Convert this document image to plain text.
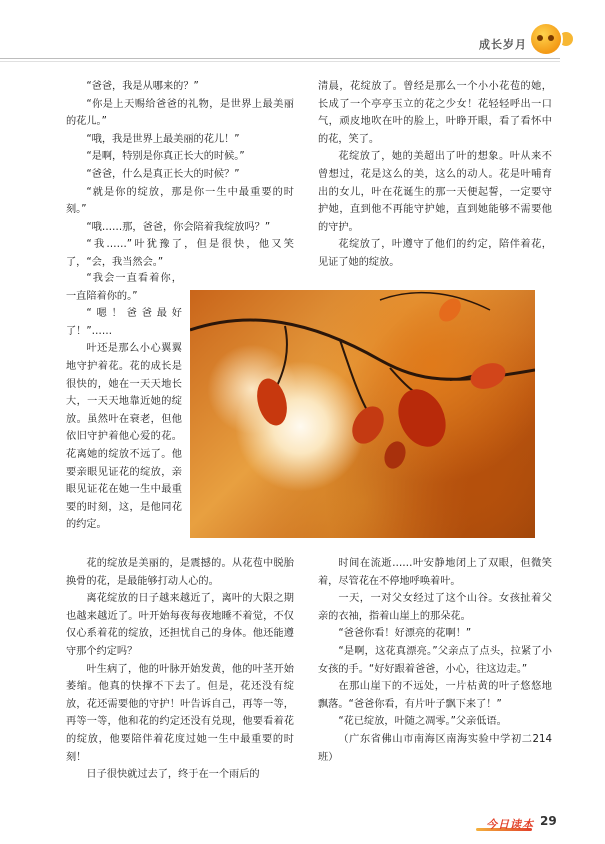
成长岁月

“爸爸，我是从哪来的？”

“你是上天赐给爸爸的礼物，是世界上最美丽的花儿。”

“哦，我是世界上最美丽的花儿！”

“是啊，特别是你真正长大的时候。”

“爸爸，什么是真正长大的时候？”

“就是你的绽放，那是你一生中最重要的时刻。”

“哦……那，爸爸，你会陪着我绽放吗？”

“我……”叶犹豫了，但是很快，他又笑了，“会，我当然会。”

“我会一直看着你，一直陪着你的。”

“嗯！爸爸最好了！”……

叶还是那么小心翼翼地守护着花。花的成长是很快的，她在一天天地长大，一天天地靠近她的绽放。虽然叶在衰老，但他依旧守护着他心爱的花。花离她的绽放不远了。他要亲眼见证花的绽放，亲眼见证花在她一生中最重要的时刻，这，是他同花的约定。

花的绽放是美丽的，是震撼的。从花苞中脱胎换骨的花，是最能够打动人心的。

离花绽放的日子越来越近了，离叶的大限之期也越来越近了。叶开始每夜每夜地睡不着觉，不仅仅心系着花的绽放，还担忧自己的身体。他还能遵守那个约定吗？

叶生病了，他的叶脉开始发黄，他的叶茎开始萎缩。他真的快撑不下去了。但是，花还没有绽放，花还需要他的守护！叶告诉自己，再等一等，再等一等，他和花的约定还没有兑现，他要看着花的绽放，他要陪伴着花度过她一生中最重要的时刻！

日子很快就过去了，终于在一个雨后的

清晨，花绽放了。曾经是那么一个小小花苞的她，长成了一个亭亭玉立的花之少女！花轻轻呼出一口气，顽皮地吹在叶的脸上，叶睁开眼，看了看怀中的花，笑了。

花绽放了，她的美超出了叶的想象。叶从来不曾想过，花是这么的美，这么的动人。花是叶哺育出的女儿，叶在花诞生的那一天便起誓，一定要守护她，直到他不再能守护她，直到她能够不需要他的守护。

花绽放了，叶遵守了他们的约定，陪伴着花，见证了她的绽放。

时间在流逝……叶安静地闭上了双眼，但微笑着，尽管花在不停地呼唤着叶。

一天，一对父女经过了这个山谷。女孩扯着父亲的衣袖，指着山崖上的那朵花。

“爸爸你看！好漂亮的花啊！”

“是啊，这花真漂亮。”父亲点了点头，拉紧了小女孩的手。“好好跟着爸爸，小心，往这边走。”

在那山崖下的不远处，一片枯黄的叶子悠悠地飘落。“爸爸你看，有片叶子飘下来了！”

“花已绽放，叶随之凋零。”父亲低语。

（广东省佛山市南海区南海实验中学初二214班）

今日读本 29
